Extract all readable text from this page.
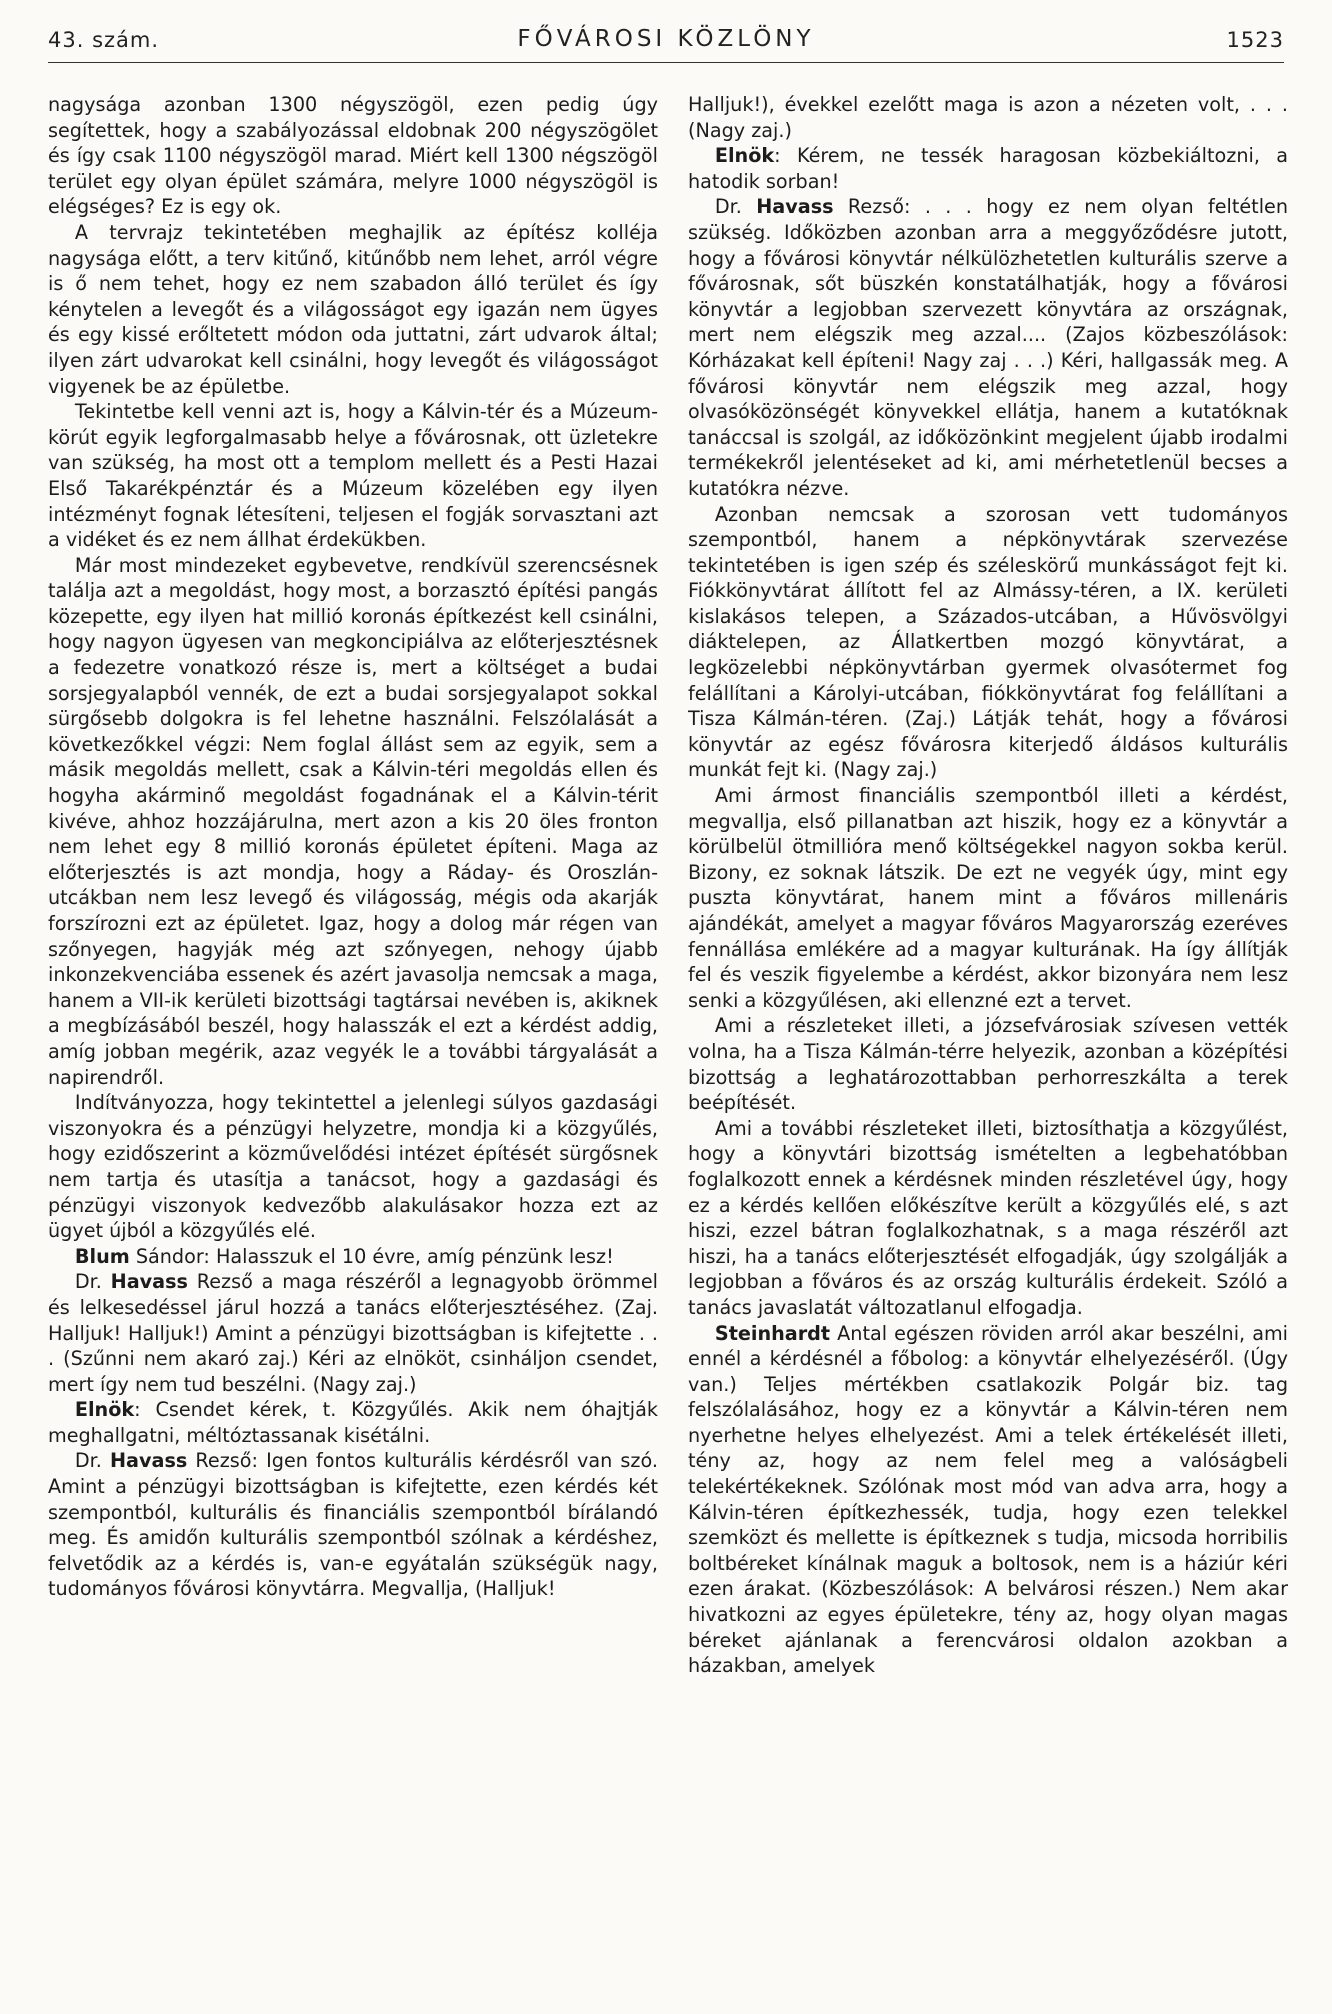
43. szám.	FŐVÁROSI KÖZLÖNY	1523

nagysága azonban 1300 négyszögöl, ezen pedig úgy segítettek, hogy a szabályozással eldobnak 200 négyszögölet és így csak 1100 négyszögöl marad. Miért kell 1300 négszögöl terület egy olyan épület számára, melyre 1000 négyszögöl is elégséges? Ez is egy ok.

A tervrajz tekintetében meghajlik az építész kolléja nagysága előtt, a terv kitűnő, kitűnőbb nem lehet, arról végre is ő nem tehet, hogy ez nem szabadon álló terület és így kénytelen a levegőt és a világosságot egy igazán nem ügyes és egy kissé erőltetett módon oda juttatni, zárt udvarok által; ilyen zárt udvarokat kell csinálni, hogy levegőt és világosságot vigyenek be az épületbe.

Tekintetbe kell venni azt is, hogy a Kálvin-tér és a Múzeum-körút egyik legforgalmasabb helye a fővárosnak, ott üzletekre van szükség, ha most ott a templom mellett és a Pesti Hazai Első Takarékpénztár és a Múzeum közelében egy ilyen intézményt fognak létesíteni, teljesen el fogják sorvasztani azt a vidéket és ez nem állhat érdekükben.

Már most mindezeket egybevetve, rendkívül szerencsésnek találja azt a megoldást, hogy most, a borzasztó építési pangás közepette, egy ilyen hat millió koronás építkezést kell csinálni, hogy nagyon ügyesen van megkoncipiálva az előterjesztésnek a fedezetre vonatkozó része is, mert a költséget a budai sorsjegyalapból vennék, de ezt a budai sorsjegyalapot sokkal sürgősebb dolgokra is fel lehetne használni. Felszólalását a következőkkel végzi: Nem foglal állást sem az egyik, sem a másik megoldás mellett, csak a Kálvin-téri megoldás ellen és hogyha akárminő megoldást fogadnának el a Kálvin-térit kivéve, ahhoz hozzájárulna, mert azon a kis 20 öles fronton nem lehet egy 8 millió koronás épületet építeni. Maga az előterjesztés is azt mondja, hogy a Ráday- és Oroszlán-utcákban nem lesz levegő és világosság, mégis oda akarják forszírozni ezt az épületet. Igaz, hogy a dolog már régen van szőnyegen, hagyják még azt szőnyegen, nehogy újabb inkonzekvenciába essenek és azért javasolja nemcsak a maga, hanem a VII-ik kerületi bizottsági tagtársai nevében is, akiknek a megbízásából beszél, hogy halasszák el ezt a kérdést addig, amíg jobban megérik, azaz vegyék le a további tárgyalását a napirendről.

Indítványozza, hogy tekintettel a jelenlegi súlyos gazdasági viszonyokra és a pénzügyi helyzetre, mondja ki a közgyűlés, hogy ezidőszerint a közművelődési intézet építését sürgősnek nem tartja és utasítja a tanácsot, hogy a gazdasági és pénzügyi viszonyok kedvezőbb alakulásakor hozza ezt az ügyet újból a közgyűlés elé.

Blum Sándor: Halasszuk el 10 évre, amíg pénzünk lesz!

Dr. Havass Rezső a maga részéről a legnagyobb örömmel és lelkesedéssel járul hozzá a tanács előterjesztéséhez. (Zaj. Halljuk! Halljuk!) Amint a pénzügyi bizottságban is kifejtette . . . (Szűnni nem akaró zaj.) Kéri az elnököt, csinháljon csendet, mert így nem tud beszélni. (Nagy zaj.)

Elnök: Csendet kérek, t. Közgyűlés. Akik nem óhajtják meghallgatni, méltóztassanak kisétálni.

Dr. Havass Rezső: Igen fontos kulturális kérdésről van szó. Amint a pénzügyi bizottságban is kifejtette, ezen kérdés két szempontból, kulturális és financiális szempontból bírálandó meg. És amidőn kulturális szempontból szólnak a kérdéshez, felvetődik az a kérdés is, van-e egyátalán szükségük nagy, tudományos fővárosi könyvtárra. Megvallja, (Halljuk!

Halljuk!), évekkel ezelőtt maga is azon a nézeten volt, . . . (Nagy zaj.)

Elnök: Kérem, ne tessék haragosan közbekiáltozni, a hatodik sorban!

Dr. Havass Rezső: . . . hogy ez nem olyan feltétlen szükség. Időközben azonban arra a meggyőződésre jutott, hogy a fővárosi könyvtár nélkülözhetetlen kulturális szerve a fővárosnak, sőt büszkén konstatálhatják, hogy a fővárosi könyvtár a legjobban szervezett könyvtára az országnak, mert nem elégszik meg azzal.... (Zajos közbeszólások: Kórházakat kell építeni! Nagy zaj . . .) Kéri, hallgassák meg. A fővárosi könyvtár nem elégszik meg azzal, hogy olvasóközönségét könyvekkel ellátja, hanem a kutatóknak tanáccsal is szolgál, az időközönkint megjelent újabb irodalmi termékekről jelentéseket ad ki, ami mérhetetlenül becses a kutatókra nézve.

Azonban nemcsak a szorosan vett tudományos szempontból, hanem a népkönyvtárak szervezése tekintetében is igen szép és széleskörű munkásságot fejt ki. Fiókkönyvtárat állított fel az Almássy-téren, a IX. kerületi kislakásos telepen, a Százados-utcában, a Hűvösvölgyi diáktelepen, az Állatkertben mozgó könyvtárat, a legközelebbi népkönyvtárban gyermek olvasótermet fog felállítani a Károlyi-utcában, fiókkönyvtárat fog felállítani a Tisza Kálmán-téren. (Zaj.) Látják tehát, hogy a fővárosi könyvtár az egész fővárosra kiterjedő áldásos kulturális munkát fejt ki. (Nagy zaj.)

Ami ármost financiális szempontból illeti a kérdést, megvallja, első pillanatban azt hiszik, hogy ez a könyvtár a körülbelül ötmillióra menő költségekkel nagyon sokba kerül. Bizony, ez soknak látszik. De ezt ne vegyék úgy, mint egy puszta könyvtárat, hanem mint a főváros millenáris ajándékát, amelyet a magyar főváros Magyarország ezeréves fennállása emlékére ad a magyar kulturának. Ha így állítják fel és veszik figyelembe a kérdést, akkor bizonyára nem lesz senki a közgyűlésen, aki ellenzné ezt a tervet.

Ami a részleteket illeti, a józsefvárosiak szívesen vették volna, ha a Tisza Kálmán-térre helyezik, azonban a középítési bizottság a leghatározottabban perhorreszkálta a terek beépítését.

Ami a további részleteket illeti, biztosíthatja a közgyűlést, hogy a könyvtári bizottság ismételten a legbehatóbban foglalkozott ennek a kérdésnek minden részletével úgy, hogy ez a kérdés kellően előkészítve került a közgyűlés elé, s azt hiszi, ezzel bátran foglalkozhatnak, s a maga részéről azt hiszi, ha a tanács előterjesztését elfogadják, úgy szolgálják a legjobban a főváros és az ország kulturális érdekeit. Szóló a tanács javaslatát változatlanul elfogadja.

Steinhardt Antal egészen röviden arról akar beszélni, ami ennél a kérdésnél a főbolog: a könyvtár elhelyezéséről. (Úgy van.) Teljes mértékben csatlakozik Polgár biz. tag felszólalásához, hogy ez a könyvtár a Kálvin-téren nem nyerhetne helyes elhelyezést. Ami a telek értékelését illeti, tény az, hogy az nem felel meg a valóságbeli telekértékeknek. Szólónak most mód van adva arra, hogy a Kálvin-téren építkezhessék, tudja, hogy ezen telekkel szemközt és mellette is építkeznek s tudja, micsoda horribilis boltbéreket kínálnak maguk a boltosok, nem is a háziúr kéri ezen árakat. (Közbeszólások: A belvárosi részen.) Nem akar hivatkozni az egyes épületekre, tény az, hogy olyan magas béreket ajánlanak a ferencvárosi oldalon azokban a házakban, amelyek
